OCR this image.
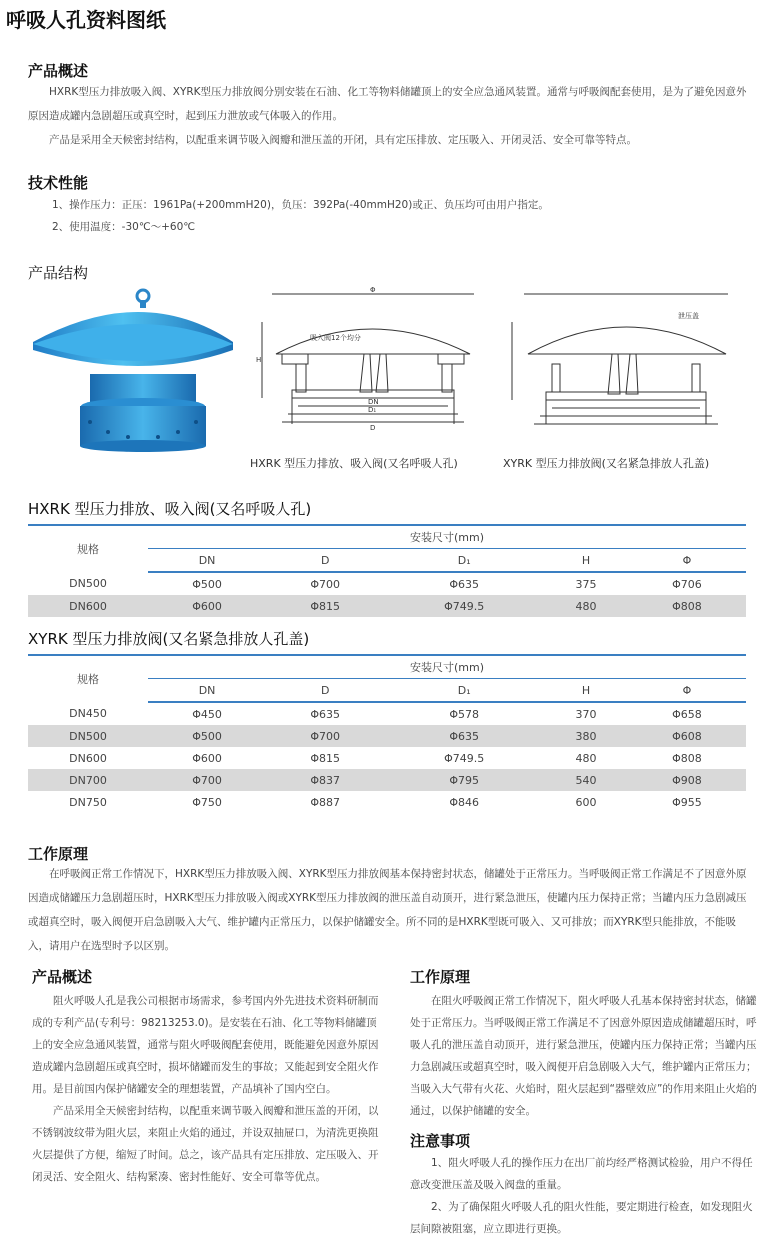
呼吸人孔资料图纸
产品概述

HXRK型压力排放吸入阀、XYRK型压力排放阀分别安装在石油、化工等物料储罐顶上的安全应急通风装置。通常与呼吸阀配套使用，是为了避免因意外原因造成罐内急剧超压或真空时，起到压力泄放或气体吸入的作用。

产品是采用全天候密封结构，以配重来调节吸入阀瓣和泄压盖的开闭，具有定压排放、定压吸入、开闭灵活、安全可靠等特点。

技术性能

1、操作压力：正压：1961Pa(+200mmH20)，负压：392Pa(-40mmH20)或正、负压均可由用户指定。

2、使用温度：-30℃～+60℃

产品结构
Φ
吸入阀12个均分
H
DN
D₁
D
泄压盖
HXRK 型压力排放、吸入阀(又名呼吸人孔)	XYRK 型压力排放阀(又名紧急排放人孔盖)
HXRK 型压力排放、吸入阀(又名呼吸人孔)
规格	安装尺寸(mm)				
	DN	D	D₁	H	Φ
DN500	Φ500	Φ700	Φ635	375	Φ706
DN600	Φ600	Φ815	Φ749.5	480	Φ808
XYRK 型压力排放阀(又名紧急排放人孔盖)
规格	安装尺寸(mm)				
	DN	D	D₁	H	Φ
DN450	Φ450	Φ635	Φ578	370	Φ658
DN500	Φ500	Φ700	Φ635	380	Φ608
DN600	Φ600	Φ815	Φ749.5	480	Φ808
DN700	Φ700	Φ837	Φ795	540	Φ908
DN750	Φ750	Φ887	Φ846	600	Φ955
工作原理

在呼吸阀正常工作情况下，HXRK型压力排放吸入阀、XYRK型压力排放阀基本保持密封状态，储罐处于正常压力。当呼吸阀正常工作满足不了因意外原因造成储罐压力急剧超压时，HXRK型压力排放吸入阀或XYRK型压力排放阀的泄压盖自动顶开，进行紧急泄压，使罐内压力保持正常；当罐内压力急剧减压或超真空时，吸入阀便开启急剧吸入大气、维护罐内正常压力，以保护储罐安全。所不同的是HXRK型既可吸入、又可排放；而XYRK型只能排放，不能吸入，请用户在选型时予以区别。

产品概述

阻火呼吸人孔是我公司根据市场需求，参考国内外先进技术资料研制而成的专利产品(专利号：98213253.0)。是安装在石油、化工等物料储罐顶上的安全应急通风装置，通常与阻火呼吸阀配套使用，既能避免因意外原因造成罐内急剧超压或真空时，损坏储罐而发生的事故；又能起到安全阻火作用。是目前国内保护储罐安全的理想装置，产品填补了国内空白。

产品采用全天候密封结构，以配重来调节吸入阀瓣和泄压盖的开闭，以不锈钢波纹带为阻火层，来阻止火焰的通过，并设双抽屉口，为清洗更换阻火层提供了方便，缩短了时间。总之，该产品具有定压排放、定压吸入、开闭灵活、安全阻火、结构紧凑、密封性能好、安全可靠等优点。

工作原理

在阻火呼吸阀正常工作情况下，阻火呼吸人孔基本保持密封状态，储罐处于正常压力。当呼吸阀正常工作满足不了因意外原因造成储罐超压时，呼吸人孔的泄压盖自动顶开，进行紧急泄压，使罐内压力保持正常；当罐内压力急剧减压或超真空时，吸入阀便开启急剧吸入大气，维护罐内正常压力；当吸入大气带有火花、火焰时，阻火层起到“器壁效应”的作用来阻止火焰的通过，以保护储罐的安全。

注意事项

1、阻火呼吸人孔的操作压力在出厂前均经严格测试检验，用户不得任意改变泄压盖及吸入阀盘的重量。

2、为了确保阻火呼吸人孔的阻火性能，要定期进行检查，如发现阻火层间隙被阻塞，应立即进行更换。
